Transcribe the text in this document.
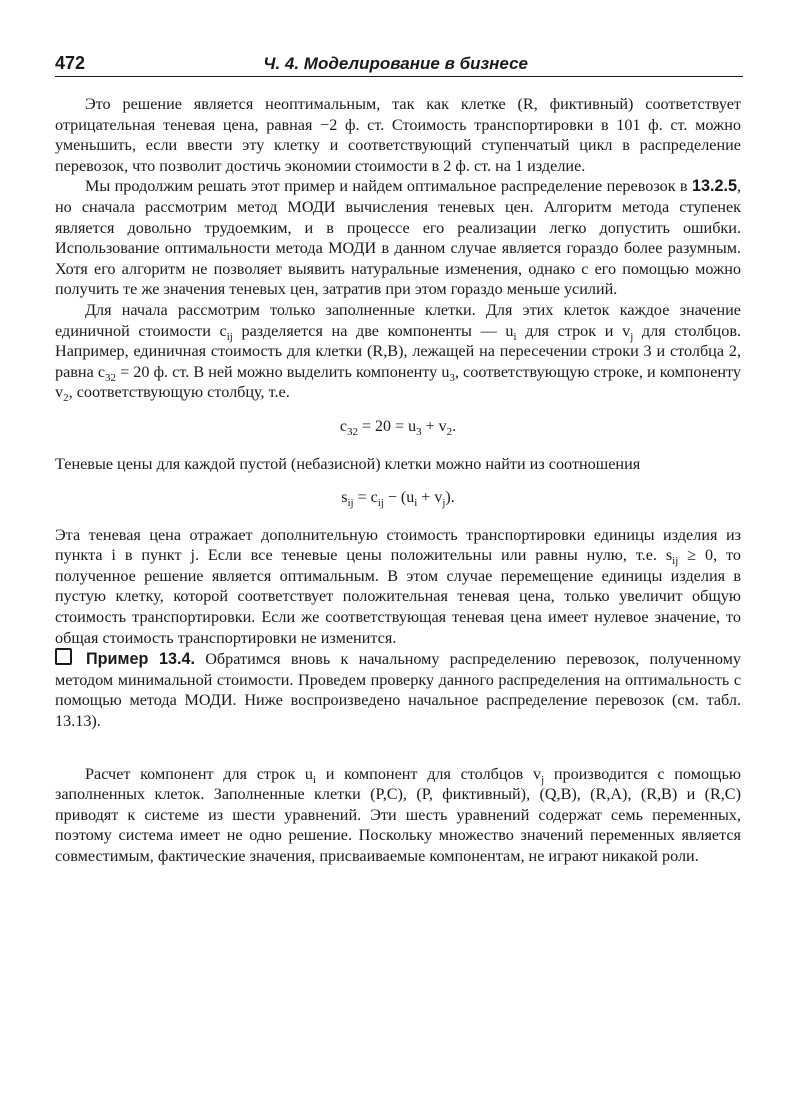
472	Ч. 4. Моделирование в бизнесе

Это решение является неоптимальным, так как клетке (R, фиктивный) соответствует отрицательная теневая цена, равная −2 ф. ст. Стоимость транспортировки в 101 ф. ст. можно уменьшить, если ввести эту клетку и соответствующий ступенчатый цикл в распределение перевозок, что позволит достичь экономии стоимости в 2 ф. ст. на 1 изделие.

Мы продолжим решать этот пример и найдем оптимальное распределение перевозок в 13.2.5, но сначала рассмотрим метод МОДИ вычисления теневых цен. Алгоритм метода ступенек является довольно трудоемким, и в процессе его реализации легко допустить ошибки. Использование оптимальности метода МОДИ в данном случае является гораздо более разумным. Хотя его алгоритм не позволяет выявить натуральные изменения, однако с его помощью можно получить те же значения теневых цен, затратив при этом гораздо меньше усилий.

Для начала рассмотрим только заполненные клетки. Для этих клеток каждое значение единичной стоимости $c_{ij}$ разделяется на две компоненты — $u_i$ для строк и $v_j$ для столбцов. Например, единичная стоимость для клетки (R,B), лежащей на пересечении строки 3 и столбца 2, равна $c_{32} = 20$ ф. ст. В ней можно выделить компоненту $u_3$, соответствующую строке, и компоненту $v_2$, соответствующую столбцу, т.е.

$c_{32} = 20 = u_3 + v_2$.

Теневые цены для каждой пустой (небазисной) клетки можно найти из соотношения

$s_{ij} = c_{ij} - (u_i + v_j)$.

Эта теневая цена отражает дополнительную стоимость транспортировки единицы изделия из пункта i в пункт j. Если все теневые цены положительны или равны нулю, т.е. $s_{ij} \ge 0$, то полученное решение является оптимальным. В этом случае перемещение единицы изделия в пустую клетку, которой соответствует положительная теневая цена, только увеличит общую стоимость транспортировки. Если же соответствующая теневая цена имеет нулевое значение, то общая стоимость транспортировки не изменится.

Пример 13.4. Обратимся вновь к начальному распределению перевозок, полученному методом минимальной стоимости. Проведем проверку данного распределения на оптимальность с помощью метода МОДИ. Ниже воспроизведено начальное распределение перевозок (см. табл. 13.13).

Расчет компонент для строк $u_i$ и компонент для столбцов $v_j$ производится с помощью заполненных клеток. Заполненные клетки (P,C), (P, фиктивный), (Q,B), (R,A), (R,B) и (R,C) приводят к системе из шести уравнений. Эти шесть уравнений содержат семь переменных, поэтому система имеет не одно решение. Поскольку множество значений переменных является совместимым, фактические значения, присваиваемые компонентам, не играют никакой роли.
